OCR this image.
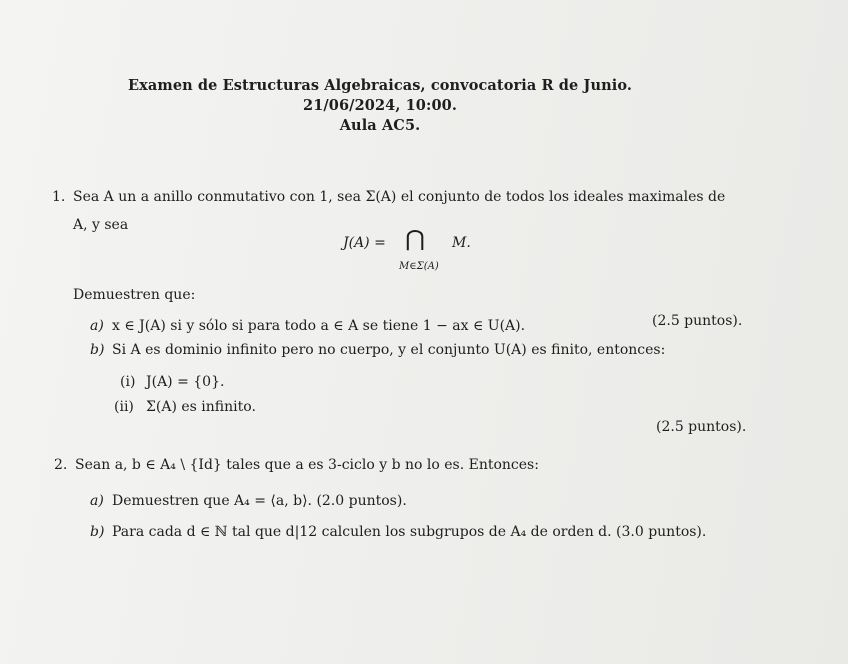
Examen de Estructuras Algebraicas, convocatoria R de Junio.
21/06/2024, 10:00.
Aula AC5.
1. Sea A un a anillo conmutativo con 1, sea Σ(A) el conjunto de todos los ideales maximales de
A, y sea
J(A) = ⋂ M.
M∈Σ(A)
Demuestren que:
a) x ∈ J(A) si y sólo si para todo a ∈ A se tiene 1 − ax ∈ U(A).	(2.5 puntos).
b) Si A es dominio infinito pero no cuerpo, y el conjunto U(A) es finito, entonces:
(i) J(A) = {0}.
(ii) Σ(A) es infinito.
(2.5 puntos).
2. Sean a, b ∈ A₄ \ {Id} tales que a es 3-ciclo y b no lo es. Entonces:
a) Demuestren que A₄ = ⟨a, b⟩. (2.0 puntos).
b) Para cada d ∈ ℕ tal que d|12 calculen los subgrupos de A₄ de orden d. (3.0 puntos).
